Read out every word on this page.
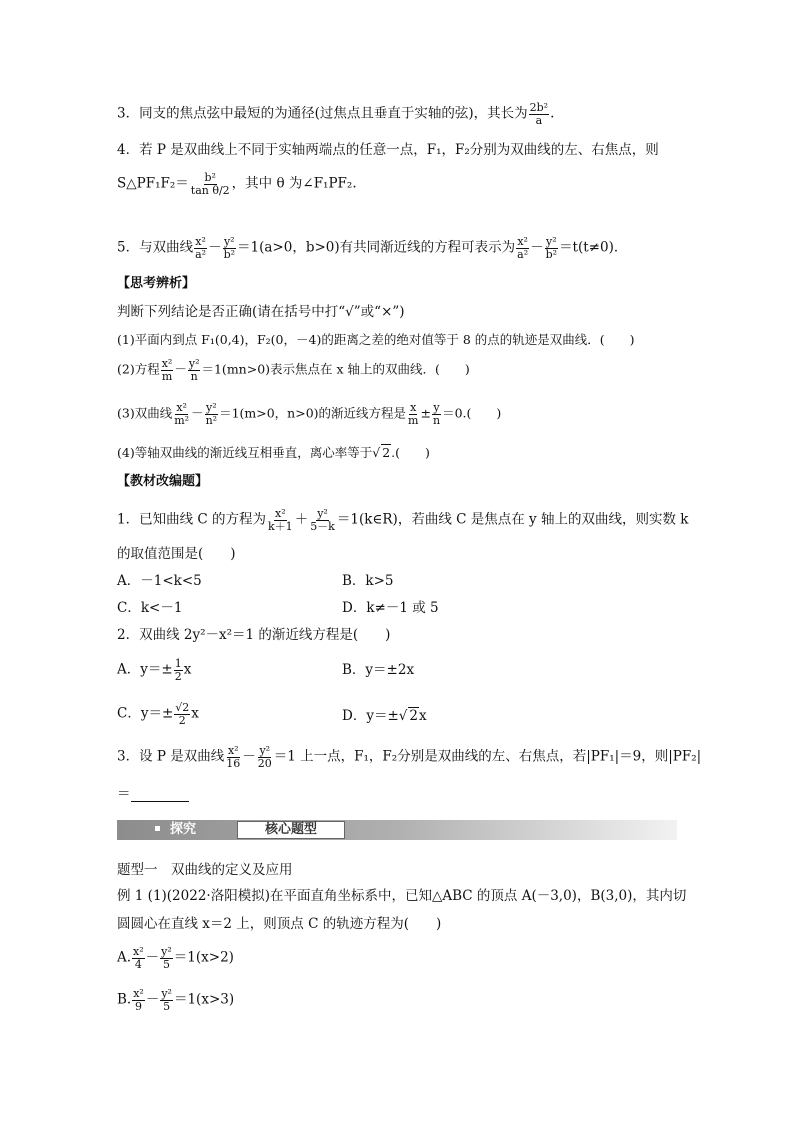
3．同支的焦点弦中最短的为通径(过焦点且垂直于实轴的弦)，其长为 $\frac{\text{2b²}}{a}$ .
4．若 P 是双曲线上不同于实轴两端点的任意一点，F₁，F₂分别为双曲线的左、右焦点，则
S△PF₁F₂＝ $\frac{\text{b²}}{\text{tan θ/2}}$ ，其中 θ 为∠F₁PF₂.
5．与双曲线 $\frac{\text{x²}}{\text{a²}} - \frac{\text{y²}}{\text{b²}} =1(a>0$，b>0)有共同渐近线的方程可表示为 $\frac{\text{x²}}{\text{a²}} - \frac{\text{y²}}{\text{b²}} =t(t\ne 0)$．
【思考辨析】
判断下列结论是否正确(请在括号中打“√”或“×”)
(1)平面内到点 F₁(0,4)，F₂(0，－4)的距离之差的绝对值等于 8 的点的轨迹是双曲线．(　　)
(2)方程 $\frac{\text{x²}}{m} - \frac{\text{y²}}{n} =1(mn>0)$表示焦点在 x 轴上的双曲线．(　　)
(3)双曲线 $\frac{\text{x²}}{\text{m²}} - \frac{\text{y²}}{\text{n²}} =1(m>0$，n>0)的渐近线方程是 $\frac{x}{m} \pm \frac{y}{n} =0$.(　　)
(4)等轴双曲线的渐近线互相垂直，离心率等于√ 2.(　　)
【教材改编题】
1．已知曲线 C 的方程为 $\frac{\text{x²}}{k+1} + \frac{\text{y²}}{5-k}$ ＝1(k∈R)，若曲线 C 是焦点在 y 轴上的双曲线，则实数 k
的取值范围是(　　)
A．－1<k<5	B．k>5
C．k<－1	D．k≠－1 或 5
2．双曲线 2y²－x²＝1 的渐近线方程是(　　)
A．$y=\pm \frac{1}{2}$ x	B．y＝±2x
C．$y=\pm \frac{√2}{2}$ x	D．y＝±√ 2x
3．设 P 是双曲线 $\frac{\text{x²}}{16} - \frac{\text{y²}}{20} =1$ 上一点，F₁，F₂分别是双曲线的左、右焦点，若|PF₁|＝9，则|PF₂|
＝
探究	核心题型
题型一　双曲线的定义及应用
例 1 (1)(2022·洛阳模拟)在平面直角坐标系中，已知△ABC 的顶点 A(－3,0)，B(3,0)，其内切
圆圆心在直线 x＝2 上，则顶点 C 的轨迹方程为(　　)
A. $\frac{\text{x²}}{4} - \frac{\text{y²}}{5} =1(x>2)$
B. $\frac{\text{x²}}{9} - \frac{\text{y²}}{5} =1(x>3)$
